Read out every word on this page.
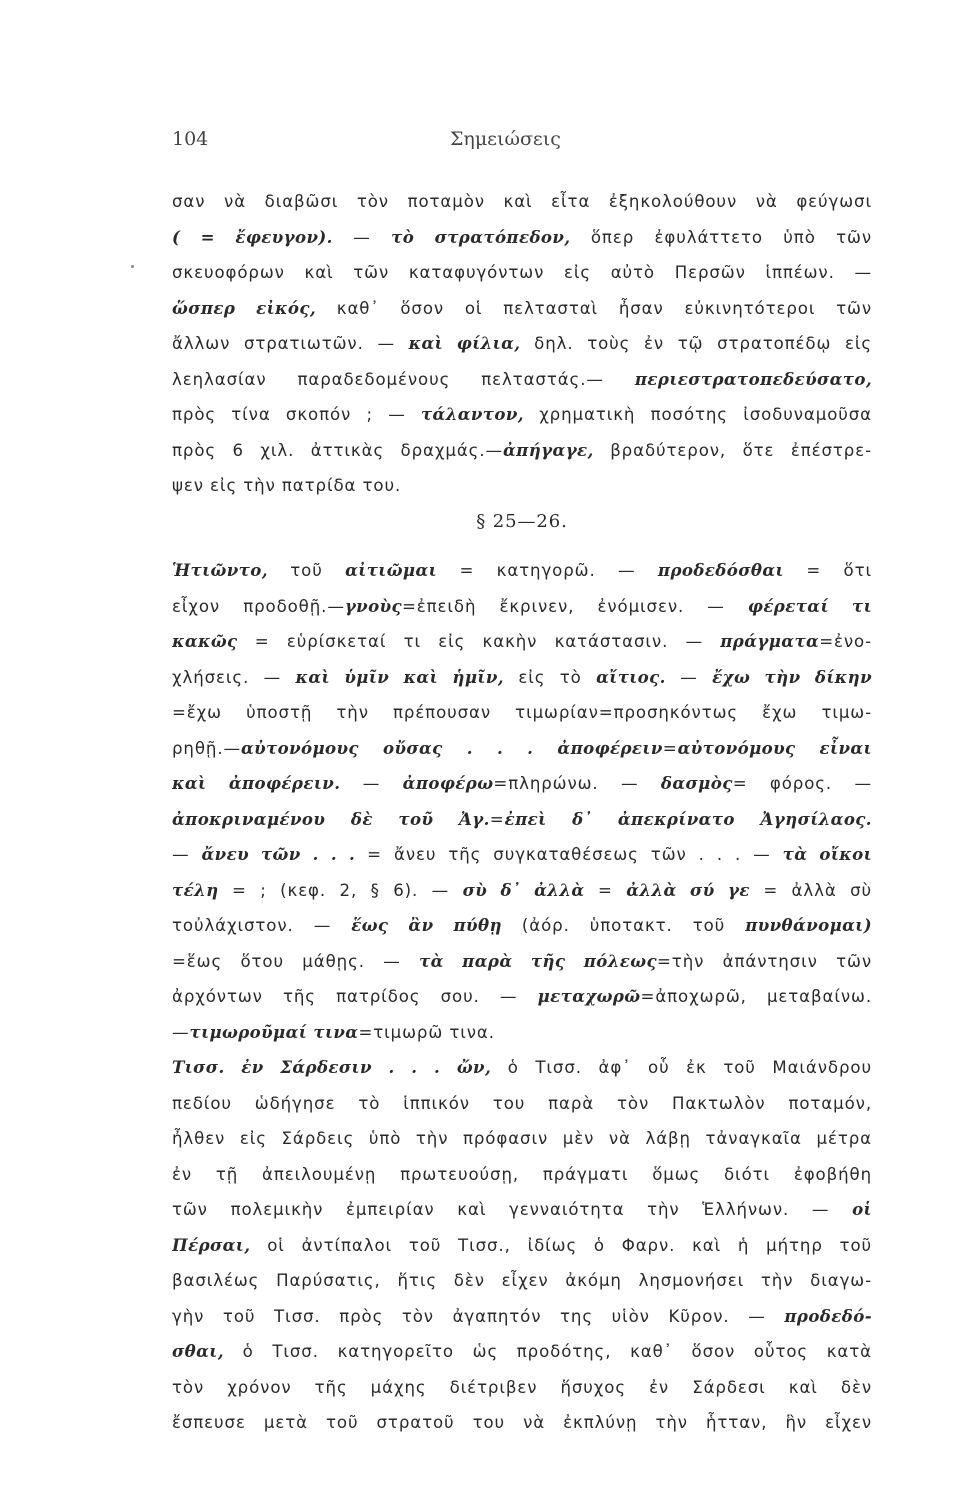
104	Σημειώσεις
σαν νὰ διαβῶσι τὸν ποταμὸν καὶ εἶτα ἐξηκολούθουν νὰ φεύγωσι
( = ἔφευγον). — τὸ στρατόπεδον, ὅπερ ἐφυλάττετο ὑπὸ τῶν
σκευοφόρων καὶ τῶν καταφυγόντων εἰς αὐτὸ Περσῶν ἱππέων. —
ὥσπερ εἰκός, καθ᾽ ὅσον οἱ πελτασταὶ ἦσαν εὐκινητότεροι τῶν
ἄλλων στρατιωτῶν. — καὶ φίλια, δηλ. τοὺς ἐν τῷ στρατοπέδῳ εἰς
λεηλασίαν παραδεδομένους πελταστάς.— περιεστρατοπεδεύσατο,
πρὸς τίνα σκοπόν ; — τάλαντον, χρηματικὴ ποσότης ἰσοδυναμοῦσα
πρὸς 6 χιλ. ἀττικὰς δραχμάς.—ἀπήγαγε, βραδύτερον, ὅτε ἐπέστρε-
ψεν εἰς τὴν πατρίδα του.
§ 25—26.
Ἡτιῶντο, τοῦ αἰτιῶμαι = κατηγορῶ. — προδεδόσθαι = ὅτι
εἶχον προδοθῇ.—γνοὺς=ἐπειδὴ ἔκρινεν, ἐνόμισεν. — φέρεταί τι
κακῶς = εὑρίσκεταί τι εἰς κακὴν κατάστασιν. — πράγματα=ἐνο-
χλήσεις. — καὶ ὑμῖν καὶ ἡμῖν, εἰς τὸ αἴτιος. — ἔχω τὴν δίκην
=ἔχω ὑποστῇ τὴν πρέπουσαν τιμωρίαν=προσηκόντως ἔχω τιμω-
ρηθῇ.—αὐτονόμους οὔσας . . . ἀποφέρειν=αὐτονόμους εἶναι
καὶ ἀποφέρειν. — ἀποφέρω=πληρώνω. — δασμὸς= φόρος. —
ἀποκριναμένου δὲ τοῦ Ἀγ.=ἐπεὶ δ᾽ ἀπεκρίνατο Ἀγησίλαος.
— ἄνευ τῶν . . . = ἄνευ τῆς συγκαταθέσεως τῶν . . . — τὰ οἴκοι
τέλη = ; (κεφ. 2, § 6). — σὺ δ᾽ ἀλλὰ = ἀλλὰ σύ γε = ἀλλὰ σὺ
τοὐλάχιστον. — ἕως ἂν πύθῃ (ἀόρ. ὑποτακτ. τοῦ πυνθάνομαι)
=ἕως ὅτου μάθῃς. — τὰ παρὰ τῆς πόλεως=τὴν ἀπάντησιν τῶν
ἀρχόντων τῆς πατρίδος σου. — μεταχωρῶ=ἀποχωρῶ, μεταβαίνω.
—τιμωροῦμαί τινα=τιμωρῶ τινα.
Τισσ. ἐν Σάρδεσιν . . . ὤν, ὁ Τισσ. ἀφ᾽ οὗ ἐκ τοῦ Μαιάνδρου
πεδίου ὡδήγησε τὸ ἱππικόν του παρὰ τὸν Πακτωλὸν ποταμόν,
ἦλθεν εἰς Σάρδεις ὑπὸ τὴν πρόφασιν μὲν νὰ λάβῃ τἀναγκαῖα μέτρα
ἐν τῇ ἀπειλουμένῃ πρωτευούσῃ, πράγματι ὅμως διότι ἐφοβήθη
τῶν πολεμικὴν ἐμπειρίαν καὶ γενναιότητα τὴν Ἑλλήνων. — οἱ
Πέρσαι, οἱ ἀντίπαλοι τοῦ Τισσ., ἰδίως ὁ Φαρν. καὶ ἡ μήτηρ τοῦ
βασιλέως Παρύσατις, ἥτις δὲν εἶχεν ἀκόμη λησμονήσει τὴν διαγω-
γὴν τοῦ Τισσ. πρὸς τὸν ἀγαπητόν της υἱὸν Κῦρον. — προδεδό-
σθαι, ὁ Τισσ. κατηγορεῖτο ὡς προδότης, καθ᾽ ὅσον οὗτος κατὰ
τὸν χρόνον τῆς μάχης διέτριβεν ἥσυχος ἐν Σάρδεσι καὶ δὲν
ἔσπευσε μετὰ τοῦ στρατοῦ του νὰ ἐκπλύνῃ τὴν ἧτταν, ἣν εἶχεν
